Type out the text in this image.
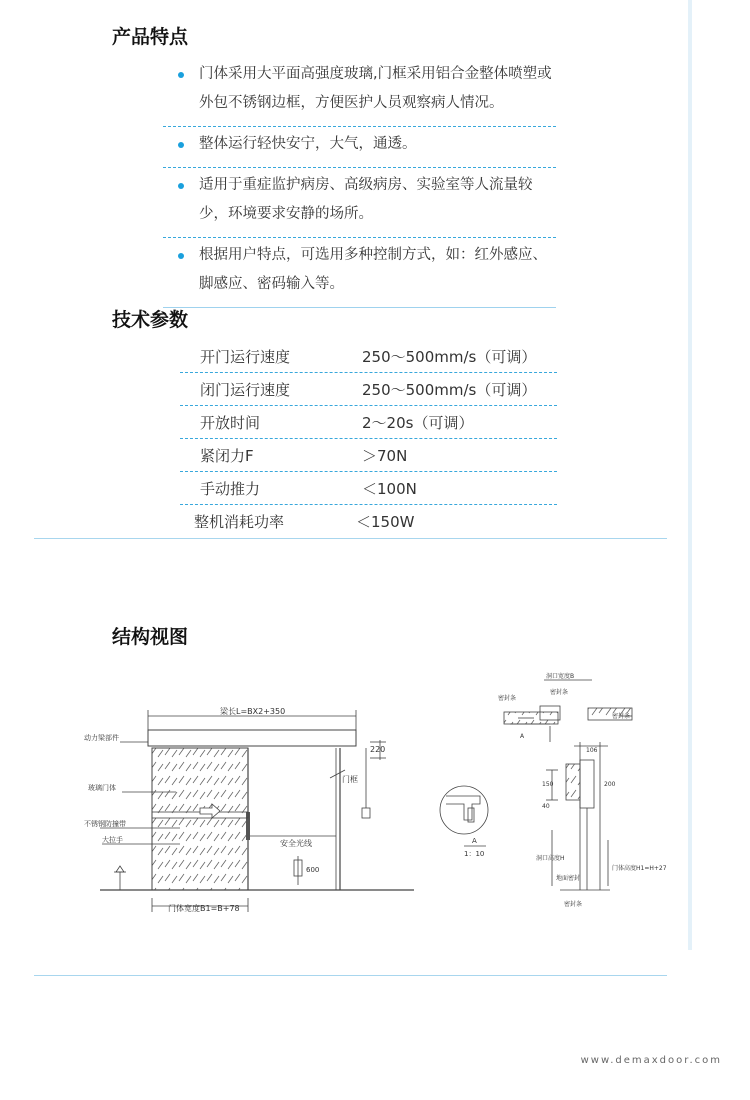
产品特点
门体采用大平面高强度玻璃,门框采用铝合金整体喷塑或外包不锈钢边框，方便医护人员观察病人情况。
整体运行轻快安宁，大气，通透。
适用于重症监护病房、高级病房、实验室等人流量较少，环境要求安静的场所。
根据用户特点，可选用多种控制方式，如：红外感应、脚感应、密码输入等。
技术参数
开门运行速度	250～500mm/s（可调）
闭门运行速度	250～500mm/s（可调）
开放时间	2～20s（可调）
紧闭力F	＞70N
手动推力	＜100N
整机消耗功率	＜150W
结构视图
梁长L=BX2+350
220
门框
安全光线
600
门体宽度B1=B+78
动力梁部件
玻璃门体
不锈钢防撞带
大拉手	A
1：10
洞口宽度B
密封条
密封条
密封条
A
106
150	200
40
洞口高度H
门体高度H1=H+27
地面密封
密封条
www.demaxdoor.com
